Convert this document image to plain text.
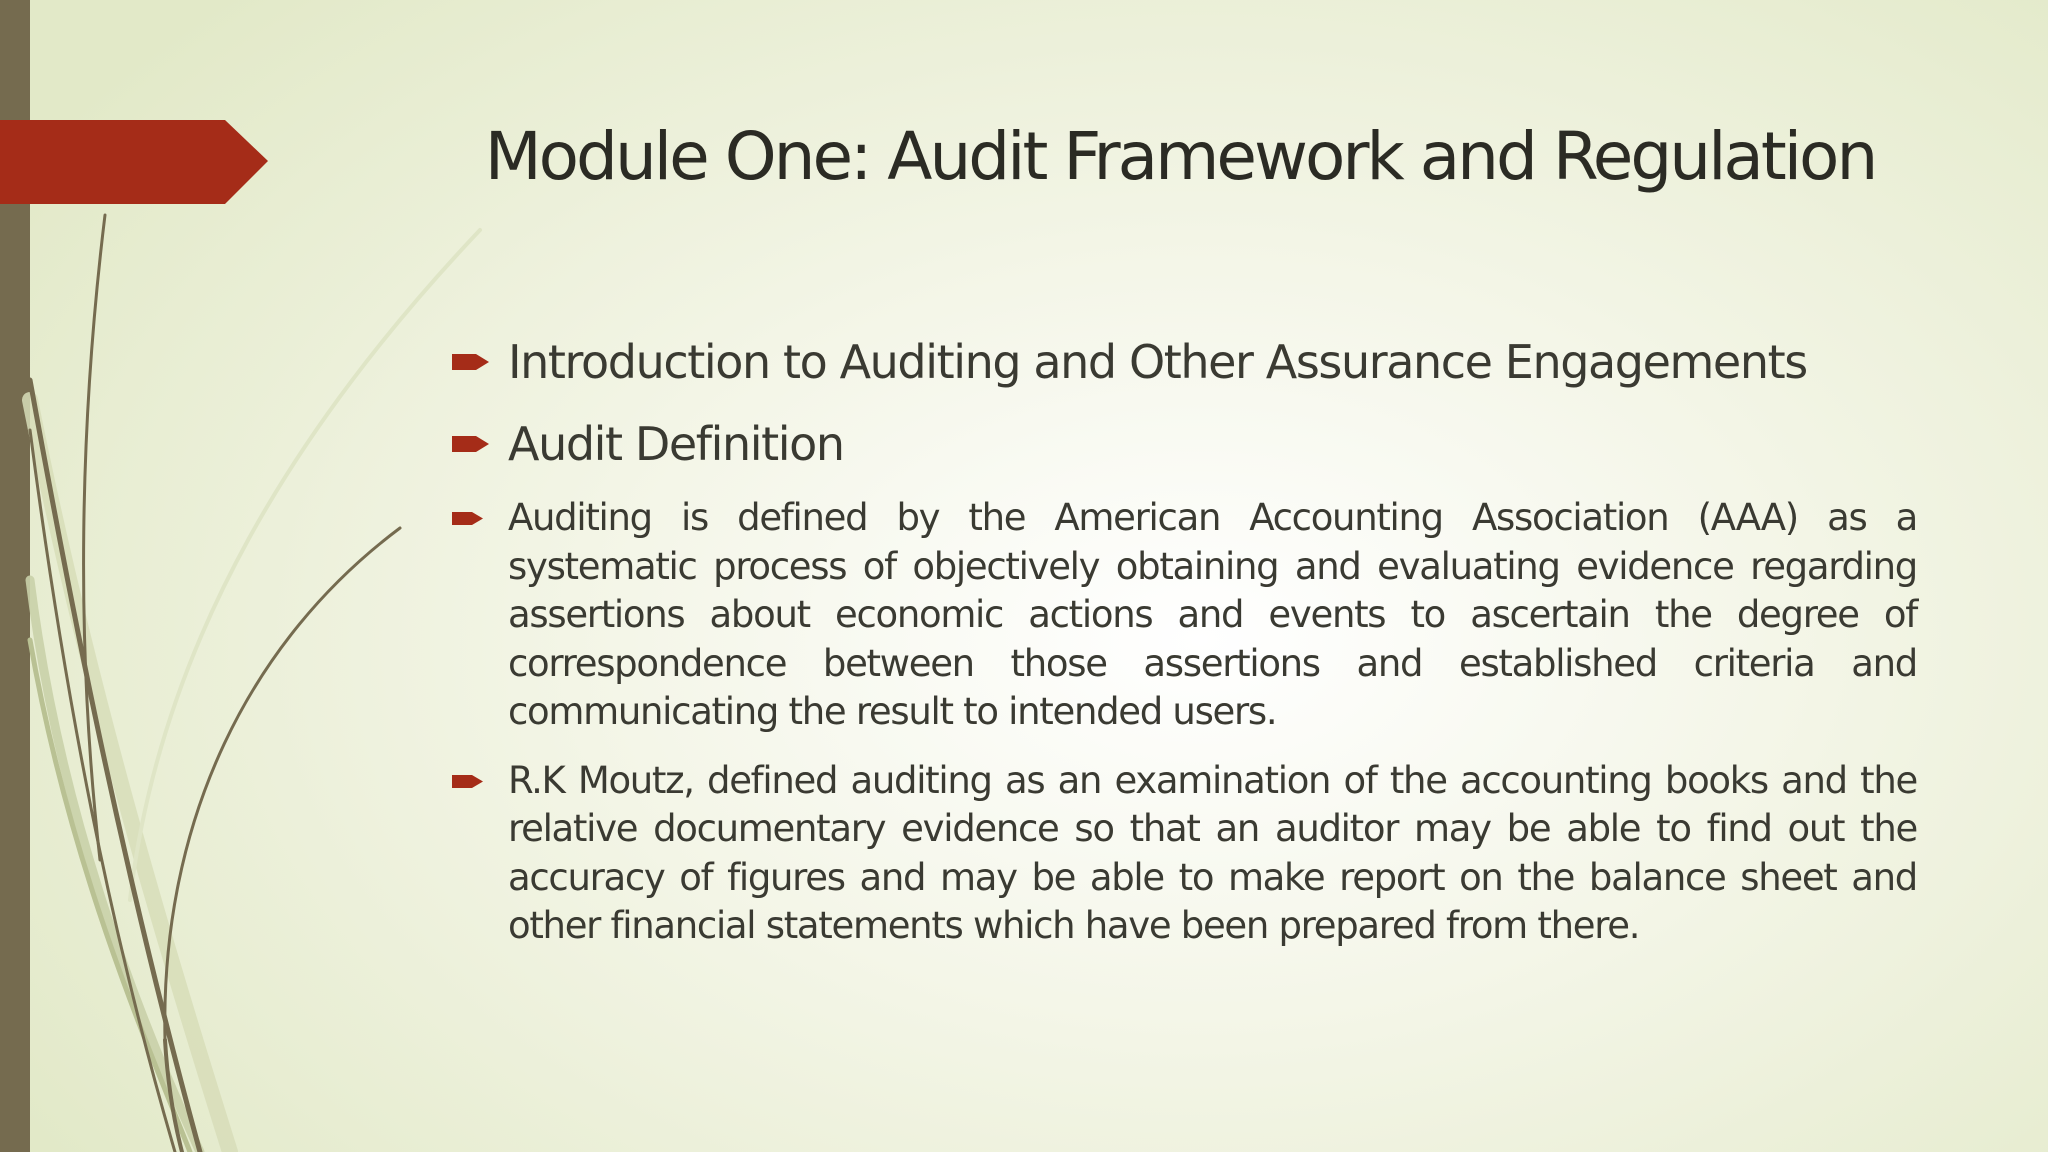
Module One: Audit Framework and Regulation
Introduction to Auditing and Other Assurance Engagements
Audit Definition
Auditing is defined by the American Accounting Association (AAA) as a systematic process of objectively obtaining and evaluating evidence regarding assertions about economic actions and events to ascertain the degree of correspondence between those assertions and established criteria and communicating the result to intended users.
R.K Moutz, defined auditing as an examination of the accounting books and the relative documentary evidence so that an auditor may be able to find out the accuracy of figures and may be able to make report on the balance sheet and other financial statements which have been prepared from there.
